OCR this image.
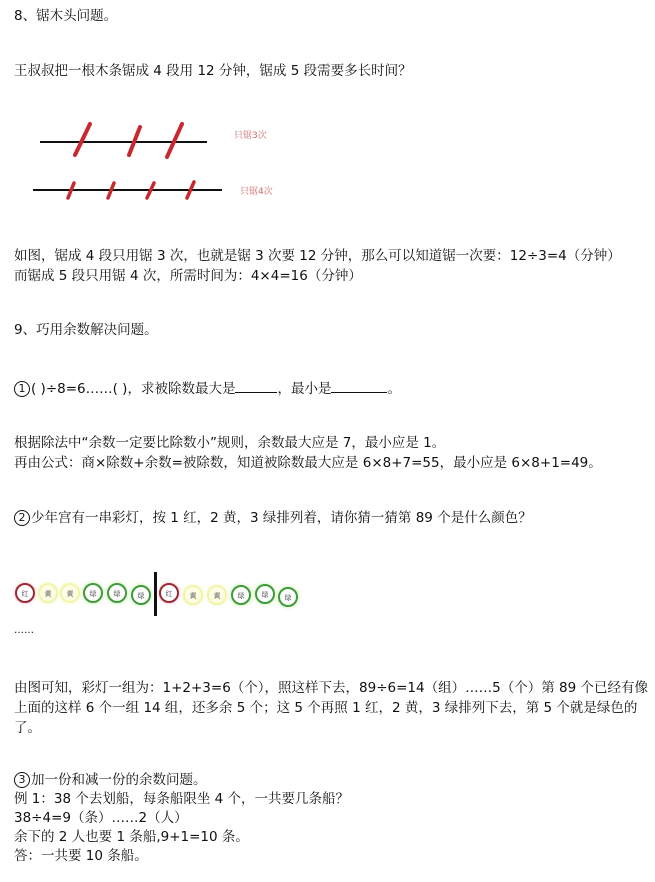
8、锯木头问题。
王叔叔把一根木条锯成 4 段用 12 分钟，锯成 5 段需要多长时间？
只锯3次
只锯4次
如图，锯成 4 段只用锯 3 次，也就是锯 3 次要 12 分钟，那么可以知道锯一次要：12÷3=4（分钟）
而锯成 5 段只用锯 4 次，所需时间为：4×4=16（分钟）
9、巧用余数解决问题。
1 ( )÷8=6……( )，求被除数最大是	，最小是	。
根据除法中“余数一定要比除数小”规则，余数最大应是 7，最小应是 1。
再由公式：商×除数+余数=被除数，知道被除数最大应是 6×8+7=55，最小应是 6×8+1=49。
2 少年宫有一串彩灯，按 1 红，2 黄，3 绿排列着，请你猜一猜第 89 个是什么颜色？
红	黄	黄	绿	绿	绿	红	黄	黄	绿	绿	绿
……
由图可知，彩灯一组为：1+2+3=6（个），照这样下去，89÷6=14（组）……5（个）第 89 个已经有像
上面的这样 6 个一组 14 组，还多余 5 个；这 5 个再照 1 红，2 黄，3 绿排列下去，第 5 个就是绿色的
了。
3 加一份和减一份的余数问题。
例 1：38 个去划船，每条船限坐 4 个，一共要几条船？
38÷4=9（条）……2（人）
余下的 2 人也要 1 条船,9+1=10 条。
答：一共要 10 条船。
